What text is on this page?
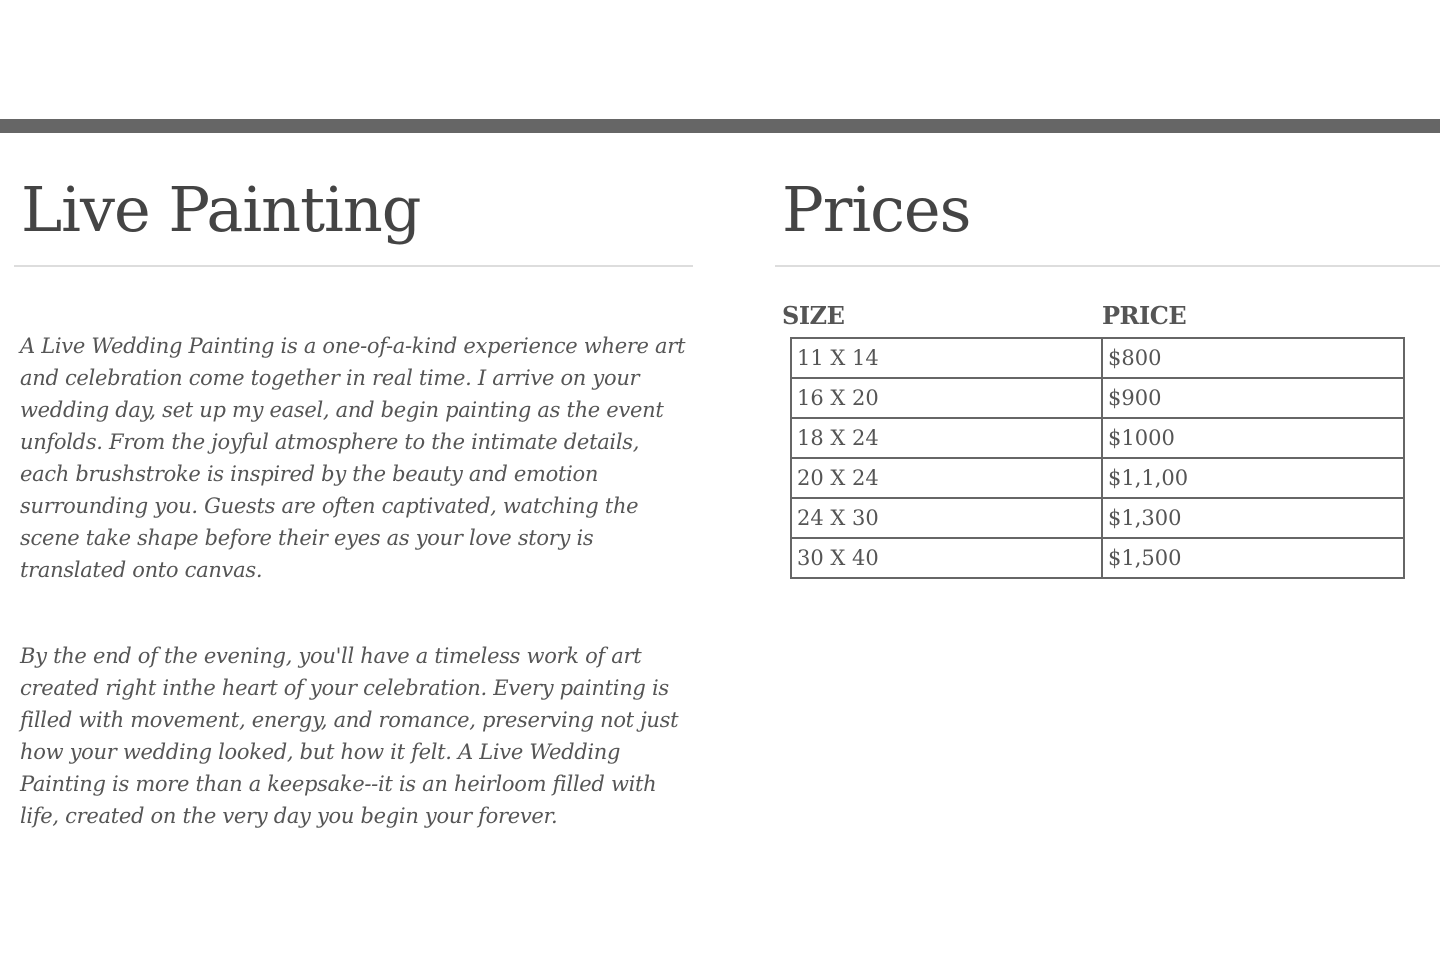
Live Painting

A Live Wedding Painting is a one-of-a-kind experience where art and celebration come together in real time. I arrive on your wedding day, set up my easel, and begin painting as the event unfolds. From the joyful atmosphere to the intimate details, each brushstroke is inspired by the beauty and emotion surrounding you. Guests are often captivated, watching the scene take shape before their eyes as your love story is translated onto canvas.

By the end of the evening, you'll have a timeless work of art created right inthe heart of your celebration. Every painting is filled with movement, energy, and romance, preserving not just how your wedding looked, but how it felt. A Live Wedding Painting is more than a keepsake--it is an heirloom filled with life, created on the very day you begin your forever.

Prices
SIZE	PRICE
11 X 14	$800
16 X 20	$900
18 X 24	$1000
20 X 24	$1,1,00
24 X 30	$1,300
30 X 40	$1,500
